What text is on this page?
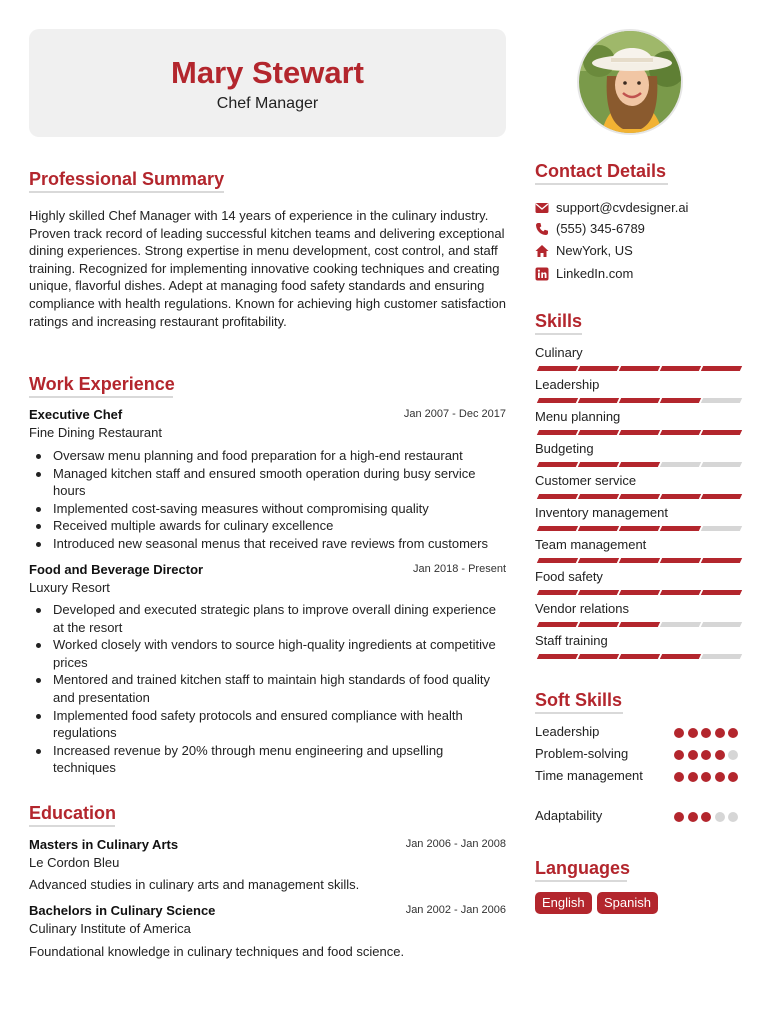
Mary Stewart
Chef Manager
Professional Summary
Highly skilled Chef Manager with 14 years of experience in the culinary industry. Proven track record of leading successful kitchen teams and delivering exceptional dining experiences. Strong expertise in menu development, cost control, and staff training. Recognized for implementing innovative cooking techniques and creating unique, flavorful dishes. Adept at managing food safety standards and ensuring compliance with health regulations. Known for achieving high customer satisfaction ratings and increasing restaurant profitability.
Work Experience
Executive Chef	Jan 2007 - Dec 2017
Fine Dining Restaurant
Oversaw menu planning and food preparation for a high-end restaurant
Managed kitchen staff and ensured smooth operation during busy service hours
Implemented cost-saving measures without compromising quality
Received multiple awards for culinary excellence
Introduced new seasonal menus that received rave reviews from customers
Food and Beverage Director	Jan 2018 - Present
Luxury Resort
Developed and executed strategic plans to improve overall dining experience at the resort
Worked closely with vendors to source high-quality ingredients at competitive prices
Mentored and trained kitchen staff to maintain high standards of food quality and presentation
Implemented food safety protocols and ensured compliance with health regulations
Increased revenue by 20% through menu engineering and upselling techniques
Education
Masters in Culinary Arts	Jan 2006 - Jan 2008
Le Cordon Bleu
Advanced studies in culinary arts and management skills.
Bachelors in Culinary Science	Jan 2002 - Jan 2006
Culinary Institute of America
Foundational knowledge in culinary techniques and food science.
Contact Details
support@cvdesigner.ai
(555) 345-6789
NewYork, US
LinkedIn.com
Skills
Culinary
Leadership
Menu planning
Budgeting
Customer service
Inventory management
Team management
Food safety
Vendor relations
Staff training
Soft Skills
Leadership
Problem-solving
Time management
Adaptability
Languages
English	Spanish
